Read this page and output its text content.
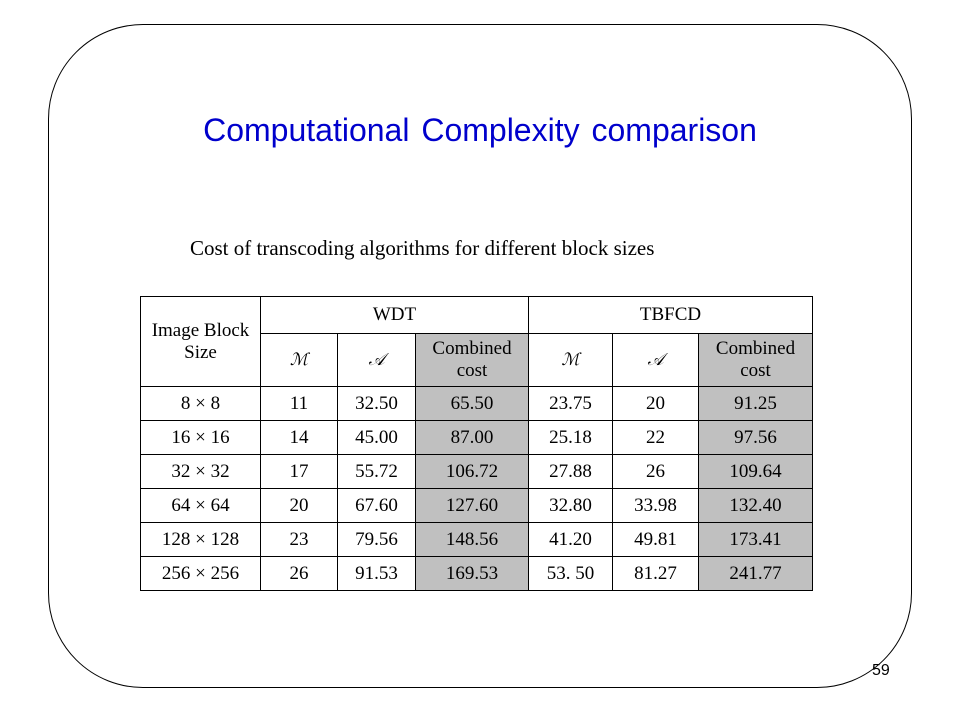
Computational Complexity comparison
Cost of transcoding algorithms for different block sizes
Image Block Size	WDT			TBFCD		
	ℳ	𝒜	Combined cost	ℳ	𝒜	Combined cost
8 × 8	11	32.50	65.50	23.75	20	91.25
16 × 16	14	45.00	87.00	25.18	22	97.56
32 × 32	17	55.72	106.72	27.88	26	109.64
64 × 64	20	67.60	127.60	32.80	33.98	132.40
128 × 128	23	79.56	148.56	41.20	49.81	173.41
256 × 256	26	91.53	169.53	53. 50	81.27	241.77
59
